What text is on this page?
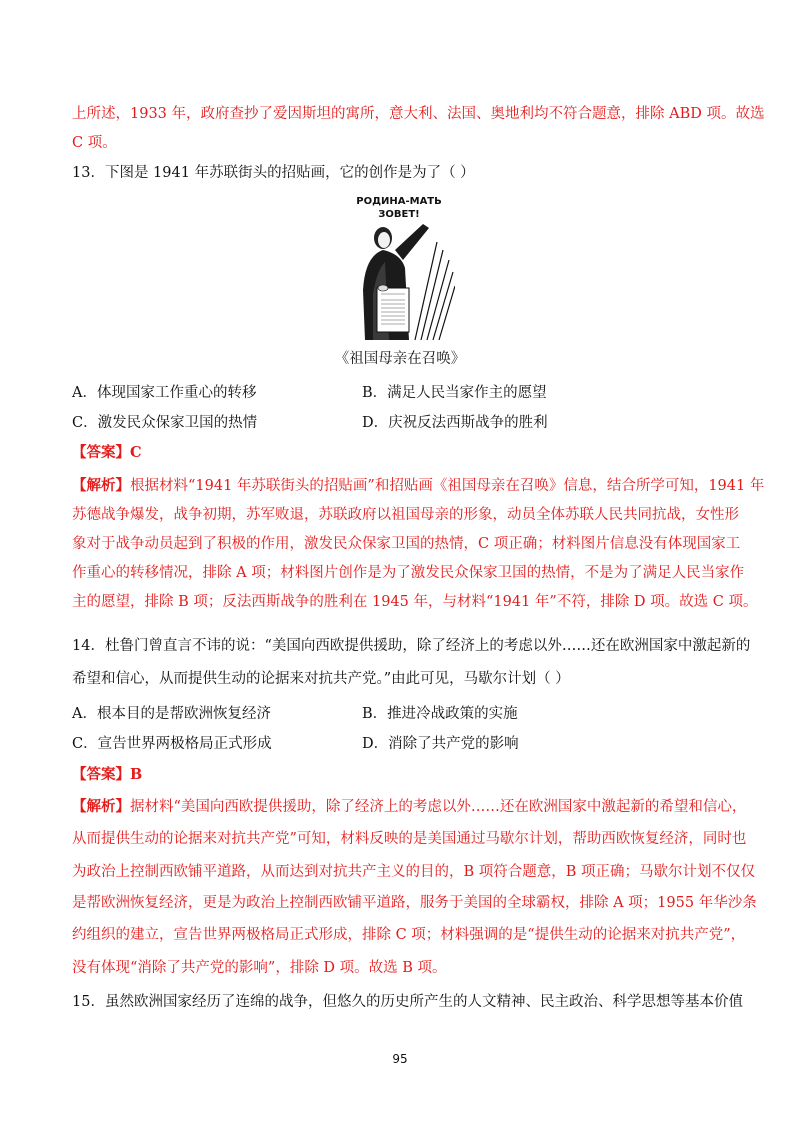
上所述，1933 年，政府查抄了爱因斯坦的寓所，意大利、法国、奥地利均不符合题意，排除 ABD 项。故选
C 项。
13．下图是 1941 年苏联街头的招贴画，它的创作是为了（ ）
РОДИНА-МАТЬ
ЗОВЕТ!
《祖国母亲在召唤》
A．体现国家工作重心的转移	B．满足人民当家作主的愿望
C．激发民众保家卫国的热情	D．庆祝反法西斯战争的胜利
【答案】C
【解析】根据材料“1941 年苏联街头的招贴画”和招贴画《祖国母亲在召唤》信息，结合所学可知，1941 年
苏德战争爆发，战争初期，苏军败退，苏联政府以祖国母亲的形象，动员全体苏联人民共同抗战，女性形
象对于战争动员起到了积极的作用，激发民众保家卫国的热情，C 项正确；材料图片信息没有体现国家工
作重心的转移情况，排除 A 项；材料图片创作是为了激发民众保家卫国的热情，不是为了满足人民当家作
主的愿望，排除 B 项；反法西斯战争的胜利在 1945 年，与材料“1941 年”不符，排除 D 项。故选 C 项。
14．杜鲁门曾直言不讳的说：“美国向西欧提供援助，除了经济上的考虑以外……还在欧洲国家中激起新的
希望和信心，从而提供生动的论据来对抗共产党。”由此可见，马歇尔计划（ ）
A．根本目的是帮欧洲恢复经济	B．推进冷战政策的实施
C．宣告世界两极格局正式形成	D．消除了共产党的影响
【答案】B
【解析】据材料“美国向西欧提供援助，除了经济上的考虑以外……还在欧洲国家中激起新的希望和信心，
从而提供生动的论据来对抗共产党”可知，材料反映的是美国通过马歇尔计划，帮助西欧恢复经济，同时也
为政治上控制西欧铺平道路，从而达到对抗共产主义的目的，B 项符合题意，B 项正确；马歇尔计划不仅仅
是帮欧洲恢复经济，更是为政治上控制西欧铺平道路，服务于美国的全球霸权，排除 A 项；1955 年华沙条
约组织的建立，宣告世界两极格局正式形成，排除 C 项；材料强调的是“提供生动的论据来对抗共产党”，
没有体现“消除了共产党的影响”，排除 D 项。故选 B 项。
15．虽然欧洲国家经历了连绵的战争，但悠久的历史所产生的人文精神、民主政治、科学思想等基本价值
95
